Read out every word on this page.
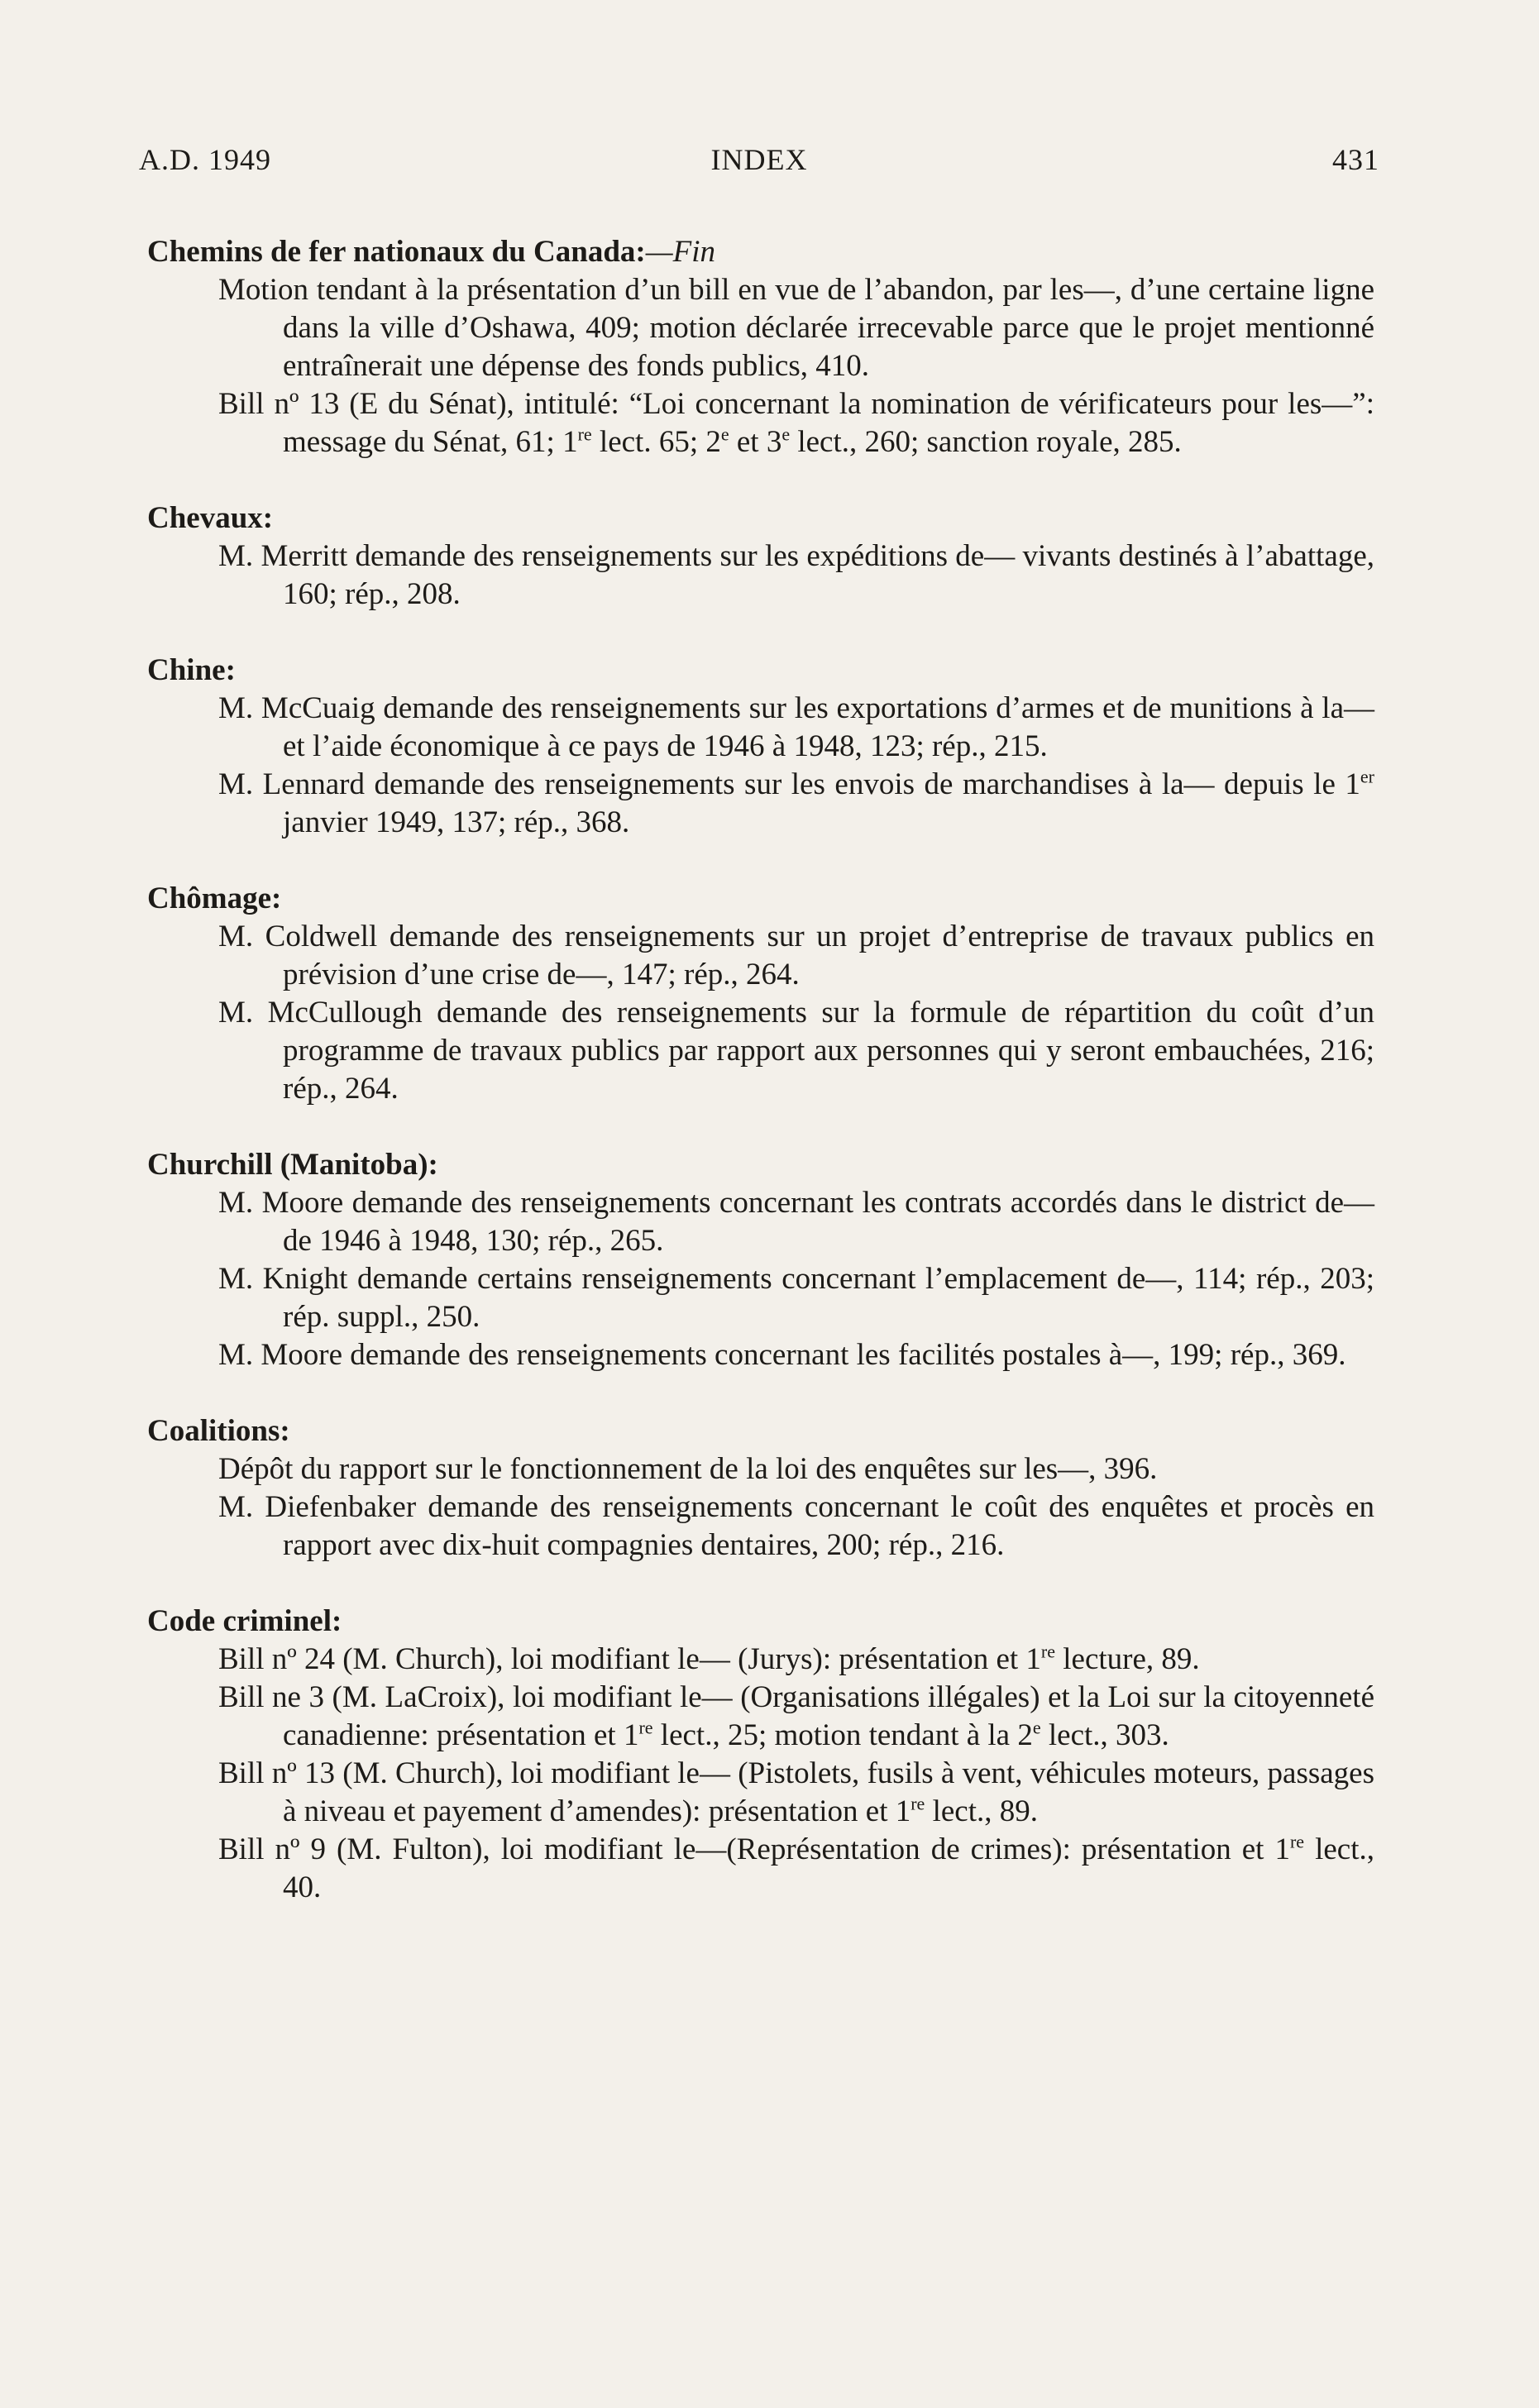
A.D. 1949	INDEX	431
Chemins de fer nationaux du Canada:—Fin

Motion tendant à la présentation d’un bill en vue de l’abandon, par les—, d’une certaine ligne dans la ville d’Oshawa, 409; motion déclarée irrecevable parce que le projet mentionné entraînerait une dépense des fonds publics, 410.

Bill nº 13 (E du Sénat), intitulé: “Loi concernant la nomination de vérificateurs pour les—”: message du Sénat, 61; 1re lect. 65; 2e et 3e lect., 260; sanction royale, 285.

Chevaux:

M. Merritt demande des renseignements sur les expéditions de— vivants destinés à l’abattage, 160; rép., 208.

Chine:

M. McCuaig demande des renseignements sur les exportations d’armes et de munitions à la— et l’aide économique à ce pays de 1946 à 1948, 123; rép., 215.

M. Lennard demande des renseignements sur les envois de marchandises à la— depuis le 1er janvier 1949, 137; rép., 368.

Chômage:

M. Coldwell demande des renseignements sur un projet d’entreprise de travaux publics en prévision d’une crise de—, 147; rép., 264.

M. McCullough demande des renseignements sur la formule de répartition du coût d’un programme de travaux publics par rapport aux personnes qui y seront embauchées, 216; rép., 264.

Churchill (Manitoba):

M. Moore demande des renseignements concernant les contrats accordés dans le district de— de 1946 à 1948, 130; rép., 265.

M. Knight demande certains renseignements concernant l’emplacement de—, 114; rép., 203; rép. suppl., 250.

M. Moore demande des renseignements concernant les facilités postales à—, 199; rép., 369.

Coalitions:

Dépôt du rapport sur le fonctionnement de la loi des enquêtes sur les—, 396.

M. Diefenbaker demande des renseignements concernant le coût des enquêtes et procès en rapport avec dix-huit compagnies dentaires, 200; rép., 216.

Code criminel:

Bill nº 24 (M. Church), loi modifiant le— (Jurys): présentation et 1re lecture, 89.

Bill ne 3 (M. LaCroix), loi modifiant le— (Organisations illégales) et la Loi sur la citoyenneté canadienne: présentation et 1re lect., 25; motion tendant à la 2e lect., 303.

Bill nº 13 (M. Church), loi modifiant le— (Pistolets, fusils à vent, véhicules moteurs, passages à niveau et payement d’amendes): présentation et 1re lect., 89.

Bill nº 9 (M. Fulton), loi modifiant le—(Représentation de crimes): présentation et 1re lect., 40.
